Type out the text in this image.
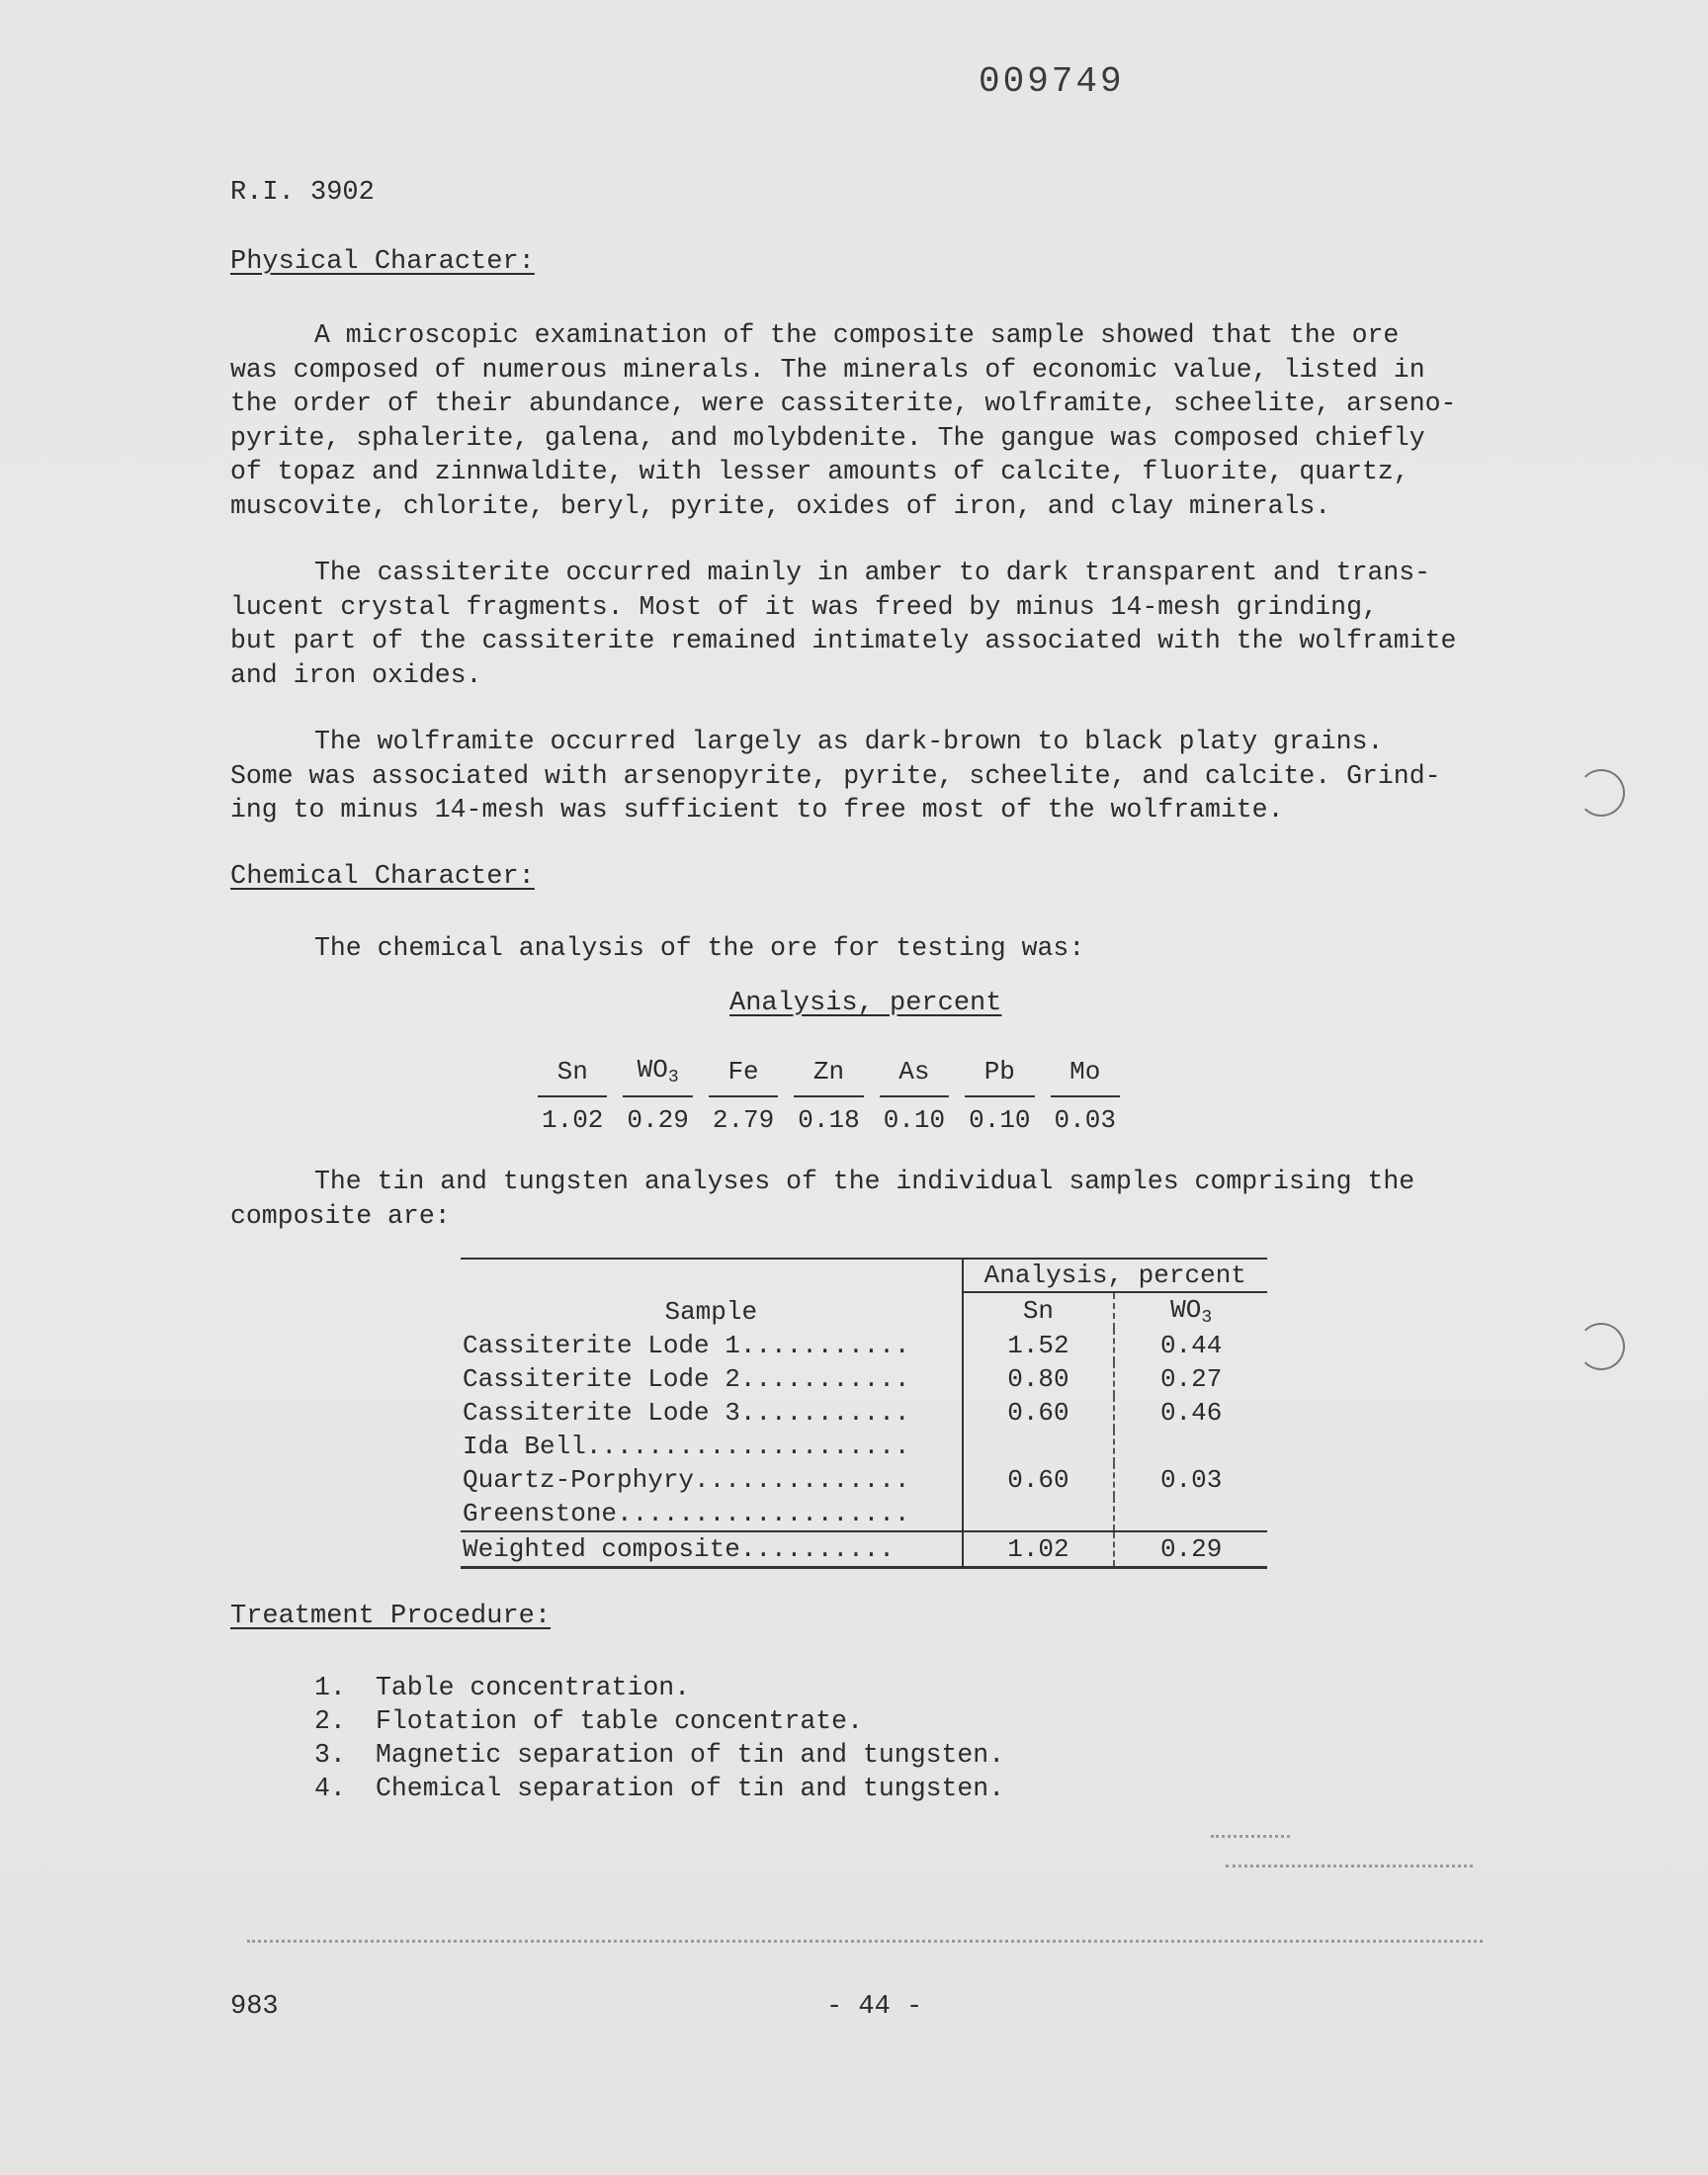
009749
R.I. 3902
Physical Character:
A microscopic examination of the composite sample showed that the ore
was composed of numerous minerals. The minerals of economic value, listed in
the order of their abundance, were cassiterite, wolframite, scheelite, arseno-
pyrite, sphalerite, galena, and molybdenite. The gangue was composed chiefly
of topaz and zinnwaldite, with lesser amounts of calcite, fluorite, quartz,
muscovite, chlorite, beryl, pyrite, oxides of iron, and clay minerals.
The cassiterite occurred mainly in amber to dark transparent and trans-
lucent crystal fragments. Most of it was freed by minus 14-mesh grinding,
but part of the cassiterite remained intimately associated with the wolframite
and iron oxides.
The wolframite occurred largely as dark-brown to black platy grains.
Some was associated with arsenopyrite, pyrite, scheelite, and calcite. Grind-
ing to minus 14-mesh was sufficient to free most of the wolframite.
Chemical Character:
The chemical analysis of the ore for testing was:
Analysis, percent
Sn	$WO_3$	Fe	Zn	As	Pb	Mo
1.02	0.29	2.79	0.18	0.10	0.10	0.03
The tin and tungsten analyses of the individual samples comprising the
composite are:
Sample	Analysis, percent	
	Sn	$WO_3$
Cassiterite Lode 1...........	1.52	0.44
Cassiterite Lode 2...........	0.80	0.27
Cassiterite Lode 3...........	0.60	0.46
Ida Bell.....................		
Quartz-Porphyry..............	0.60	0.03
Greenstone...................		
Weighted composite..........	1.02	0.29
Treatment Procedure:
1. Table concentration.
2. Flotation of table concentrate.
3. Magnetic separation of tin and tungsten.
4. Chemical separation of tin and tungsten.
983	- 44 -
